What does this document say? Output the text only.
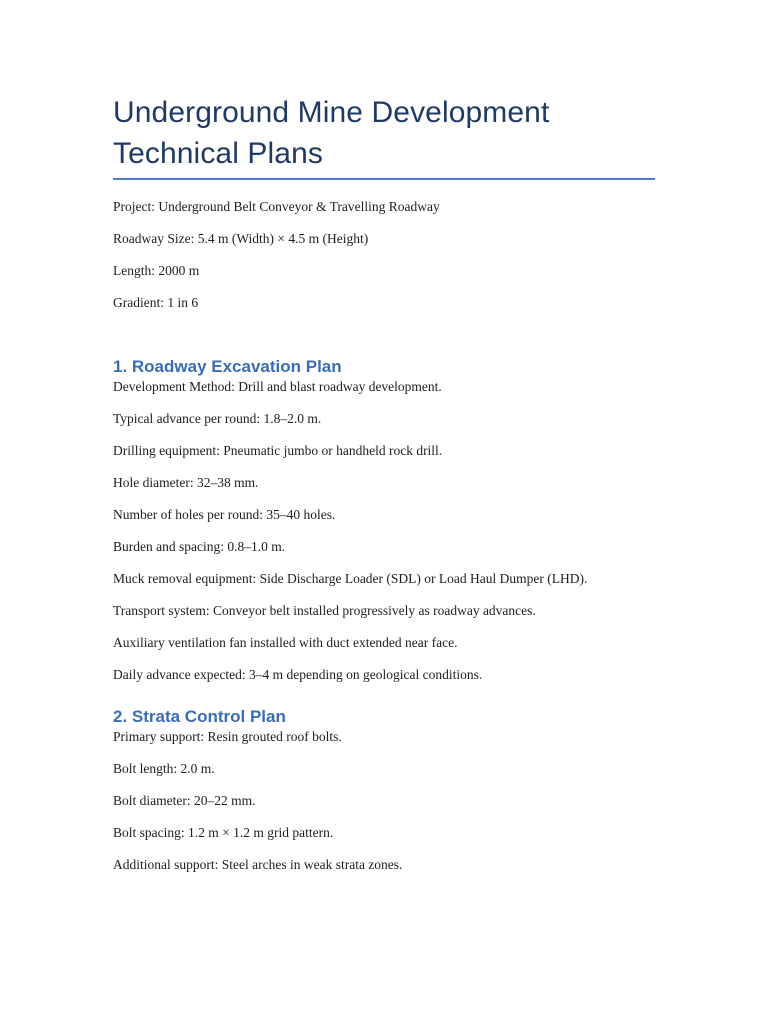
Underground Mine Development
Technical Plans

Project: Underground Belt Conveyor & Travelling Roadway

Roadway Size: 5.4 m (Width) × 4.5 m (Height)

Length: 2000 m

Gradient: 1 in 6

1. Roadway Excavation Plan

Development Method: Drill and blast roadway development.

Typical advance per round: 1.8–2.0 m.

Drilling equipment: Pneumatic jumbo or handheld rock drill.

Hole diameter: 32–38 mm.

Number of holes per round: 35–40 holes.

Burden and spacing: 0.8–1.0 m.

Muck removal equipment: Side Discharge Loader (SDL) or Load Haul Dumper (LHD).

Transport system: Conveyor belt installed progressively as roadway advances.

Auxiliary ventilation fan installed with duct extended near face.

Daily advance expected: 3–4 m depending on geological conditions.

2. Strata Control Plan

Primary support: Resin grouted roof bolts.

Bolt length: 2.0 m.

Bolt diameter: 20–22 mm.

Bolt spacing: 1.2 m × 1.2 m grid pattern.

Additional support: Steel arches in weak strata zones.
